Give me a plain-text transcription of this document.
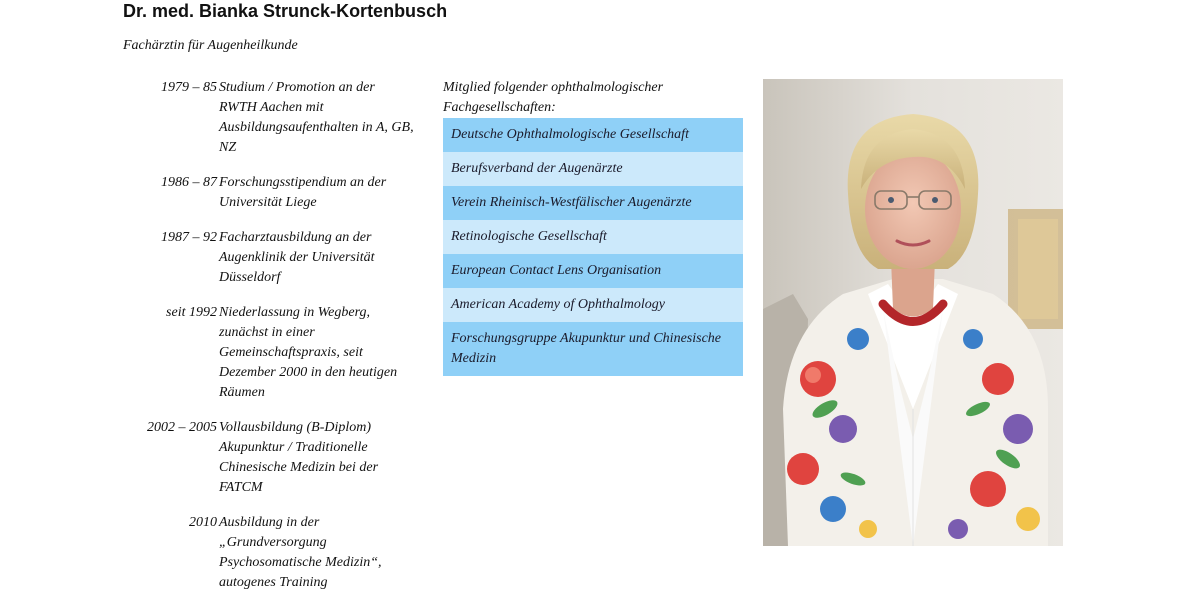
Dr. med. Bianka Strunck-Kortenbusch

Fachärztin für Augenheilkunde

1979 – 85 Studium / Promotion an der RWTH Aachen mit Ausbildungsaufenthalten in A, GB, NZ
1986 – 87 Forschungsstipendium an der Universität Liege
1987 – 92 Facharztausbildung an der Augenklinik der Universität Düsseldorf
seit 1992 Niederlassung in Wegberg, zunächst in einer Gemeinschaftspraxis, seit Dezember 2000 in den heutigen Räumen
2002 – 2005 Vollausbildung (B-Diplom) Akupunktur / Traditionelle Chinesische Medizin bei der FATCM
2010 Ausbildung in der „Grundversorgung Psychosomatische Medizin“, autogenes Training

Mitglied folgender ophthalmologischer Fachgesellschaften:

Deutsche Ophthalmologische Gesellschaft
Berufsverband der Augenärzte
Verein Rheinisch-Westfälischer Augenärzte
Retinologische Gesellschaft
European Contact Lens Organisation
American Academy of Ophthalmology
Forschungsgruppe Akupunktur und Chinesische Medizin
